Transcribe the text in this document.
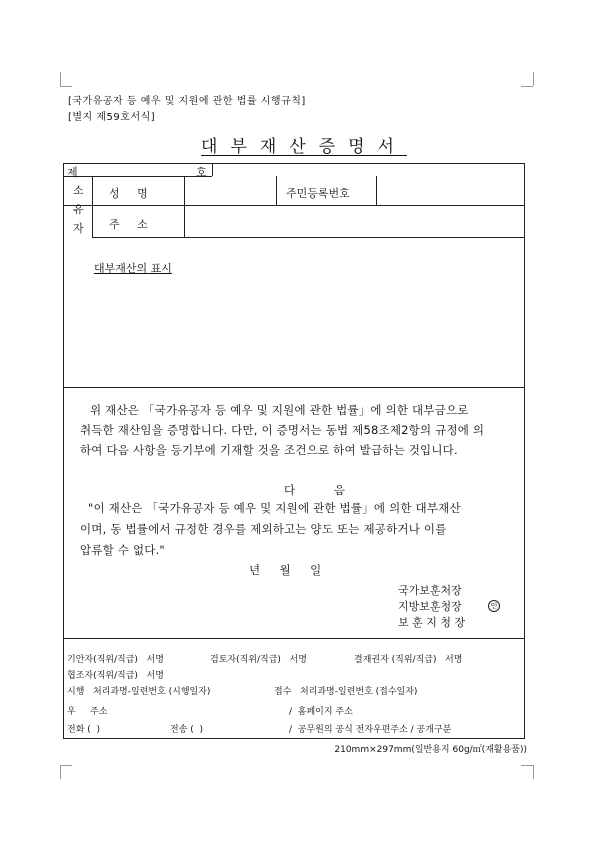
[국가유공자 등 예우 및 지원에 관한 법률 시행규칙]
[별지 제59호서식]
대부재산증명서
제	호
소
유
자
성     명	주민등록번호
주     소
대부재산의 표시
위 재산은 「국가유공자 등 예우 및 지원에 관한 법률」에 의한 대부금으로
취득한 재산임을 증명합니다. 다만, 이 증명서는 동법 제58조제2항의 규정에 의
하여 다음 사항을 등기부에 기재할 것을 조건으로 하여 발급하는 것입니다.
다          음
"이 재산은 「국가유공자 등 예우 및 지원에 관한 법률」에 의한 대부재산
이며, 동 법률에서 규정한 경우를 제외하고는 양도 또는 제공하거나 이를
압류할 수 없다."
년     월     일
국가보훈처장
지방보훈청장
보 훈 지 청 장
인
기안자(직위/직급)   서명	검토자(직위/직급)   서명	결재권자 (직위/직급)   서명
협조자(직위/직급)   서명
시행   처리과명-일련번호 (시행일자)	접수   처리과명-일련번호 (접수일자)
우     주소	/  홈페이지 주소
전화 (  )	전송 (  )	/  공무원의 공식 전자우편주소 / 공개구분
210mm×297mm(일반용지 60g/㎡(재활용품))
